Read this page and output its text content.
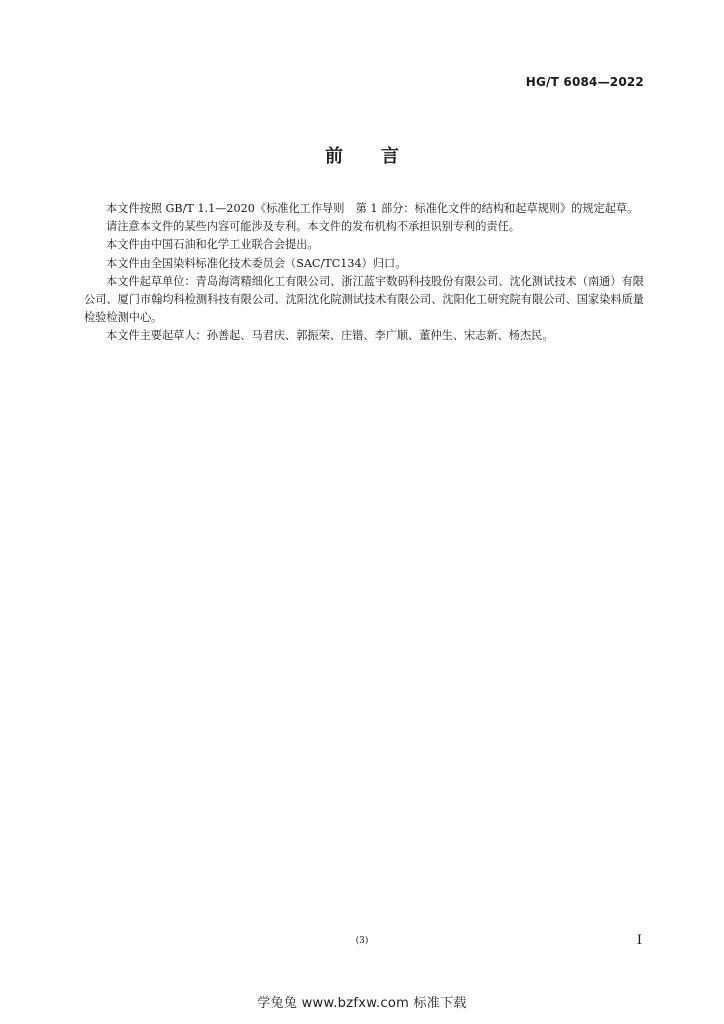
HG/T 6084—2022
前言

本文件按照 GB/T 1.1—2020《标准化工作导则　第 1 部分：标准化文件的结构和起草规则》的规定起草。

请注意本文件的某些内容可能涉及专利。本文件的发布机构不承担识别专利的责任。

本文件由中国石油和化学工业联合会提出。

本文件由全国染料标准化技术委员会（SAC/TC134）归口。

本文件起草单位：青岛海湾精细化工有限公司、浙江蓝宇数码科技股份有限公司、沈化测试技术（南通）有限公司、厦门市翰均科检测科技有限公司、沈阳沈化院测试技术有限公司、沈阳化工研究院有限公司、国家染料质量检验检测中心。

本文件主要起草人：孙善起、马君庆、郭振荣、庄锴、李广顺、董仲生、宋志新、杨杰民。

(3)	I
学兔兔 www.bzfxw.com 标准下载
